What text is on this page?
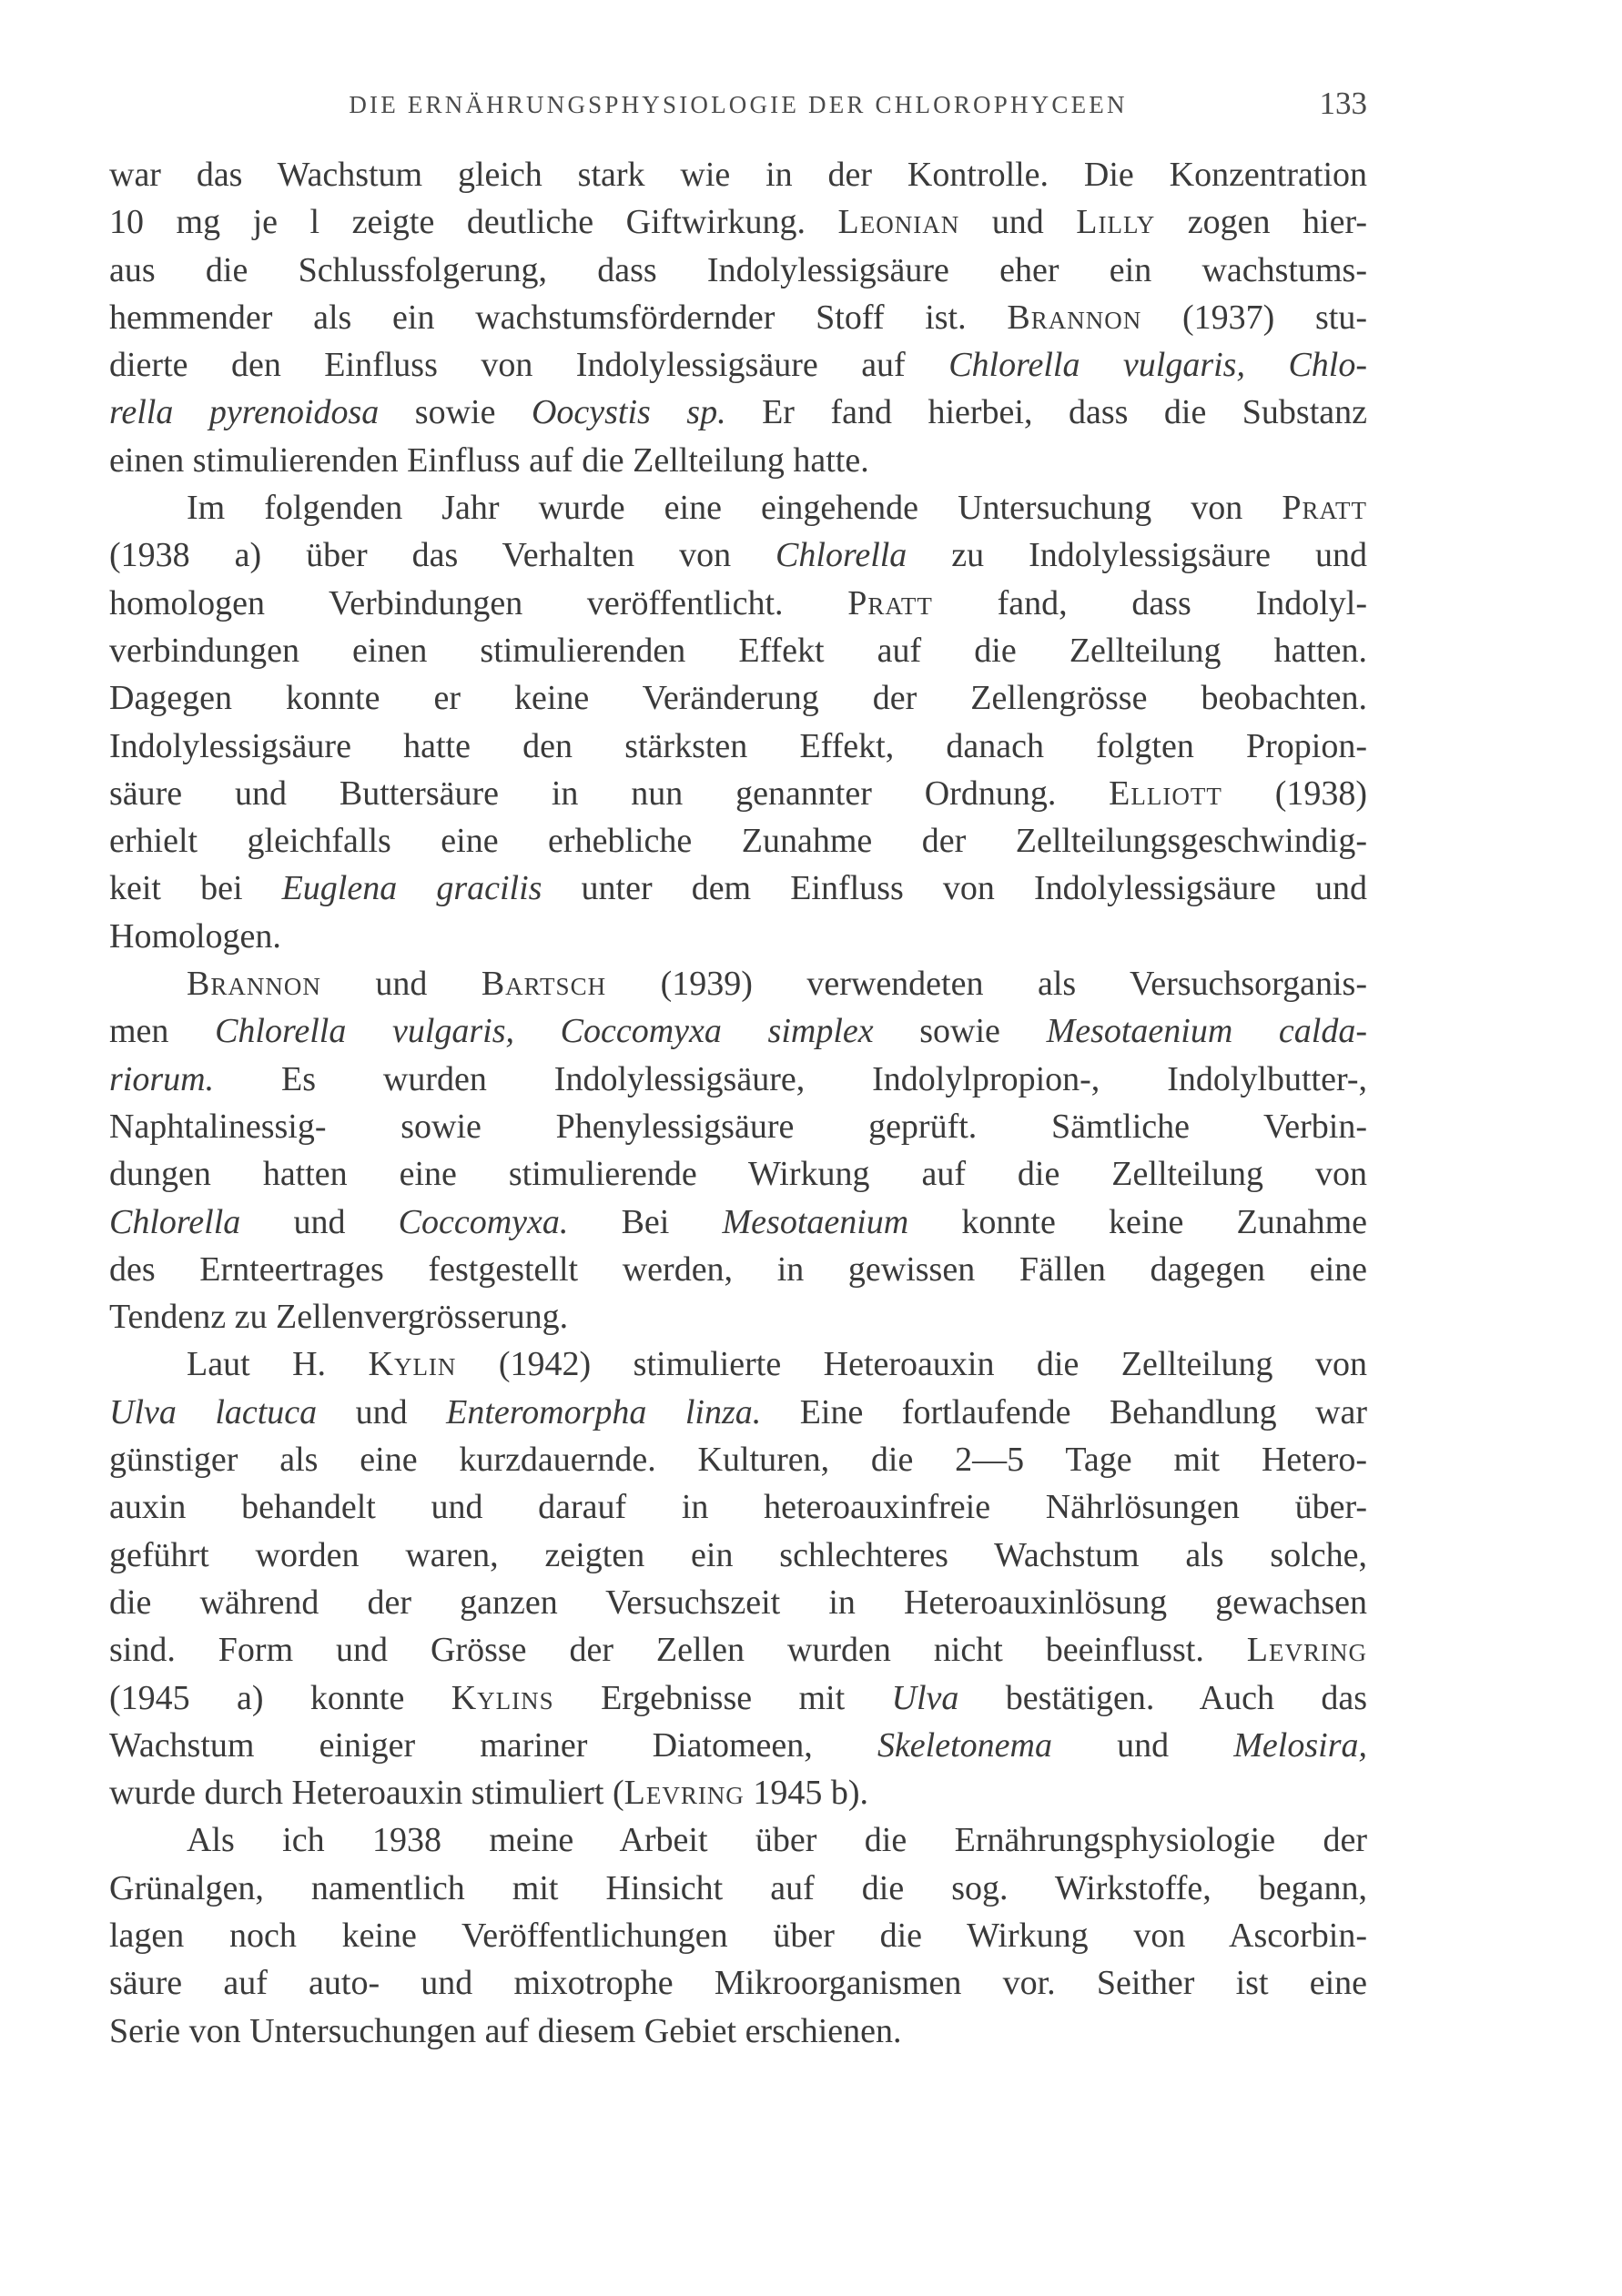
DIE ERNÄHRUNGSPHYSIOLOGIE DER CHLOROPHYCEEN	133
war das Wachstum gleich stark wie in der Kontrolle. Die Konzentration
10 mg je l zeigte deutliche Giftwirkung. Leonian und Lilly zogen hier-
aus die Schlussfolgerung, dass Indolylessigsäure eher ein wachstums-
hemmender als ein wachstumsfördernder Stoff ist. Brannon (1937) stu-
dierte den Einfluss von Indolylessigsäure auf Chlorella vulgaris, Chlo-
rella pyrenoidosa sowie Oocystis sp. Er fand hierbei, dass die Substanz
einen stimulierenden Einfluss auf die Zellteilung hatte.
Im folgenden Jahr wurde eine eingehende Untersuchung von Pratt
(1938 a) über das Verhalten von Chlorella zu Indolylessigsäure und
homologen Verbindungen veröffentlicht. Pratt fand, dass Indolyl-
verbindungen einen stimulierenden Effekt auf die Zellteilung hatten.
Dagegen konnte er keine Veränderung der Zellengrösse beobachten.
Indolylessigsäure hatte den stärksten Effekt, danach folgten Propion-
säure und Buttersäure in nun genannter Ordnung. Elliott (1938)
erhielt gleichfalls eine erhebliche Zunahme der Zellteilungsgeschwindig-
keit bei Euglena gracilis unter dem Einfluss von Indolylessigsäure und
Homologen.
Brannon und Bartsch (1939) verwendeten als Versuchsorganis-
men Chlorella vulgaris, Coccomyxa simplex sowie Mesotaenium calda-
riorum. Es wurden Indolylessigsäure, Indolylpropion-, Indolylbutter-,
Naphtalinessig- sowie Phenylessigsäure geprüft. Sämtliche Verbin-
dungen hatten eine stimulierende Wirkung auf die Zellteilung von
Chlorella und Coccomyxa. Bei Mesotaenium konnte keine Zunahme
des Ernteertrages festgestellt werden, in gewissen Fällen dagegen eine
Tendenz zu Zellenvergrösserung.
Laut H. Kylin (1942) stimulierte Heteroauxin die Zellteilung von
Ulva lactuca und Enteromorpha linza. Eine fortlaufende Behandlung war
günstiger als eine kurzdauernde. Kulturen, die 2—5 Tage mit Hetero-
auxin behandelt und darauf in heteroauxinfreie Nährlösungen über-
geführt worden waren, zeigten ein schlechteres Wachstum als solche,
die während der ganzen Versuchszeit in Heteroauxinlösung gewachsen
sind. Form und Grösse der Zellen wurden nicht beeinflusst. Levring
(1945 a) konnte Kylins Ergebnisse mit Ulva bestätigen. Auch das
Wachstum einiger mariner Diatomeen, Skeletonema und Melosira,
wurde durch Heteroauxin stimuliert (Levring 1945 b).
Als ich 1938 meine Arbeit über die Ernährungsphysiologie der
Grünalgen, namentlich mit Hinsicht auf die sog. Wirkstoffe, begann,
lagen noch keine Veröffentlichungen über die Wirkung von Ascorbin-
säure auf auto- und mixotrophe Mikroorganismen vor. Seither ist eine
Serie von Untersuchungen auf diesem Gebiet erschienen.
